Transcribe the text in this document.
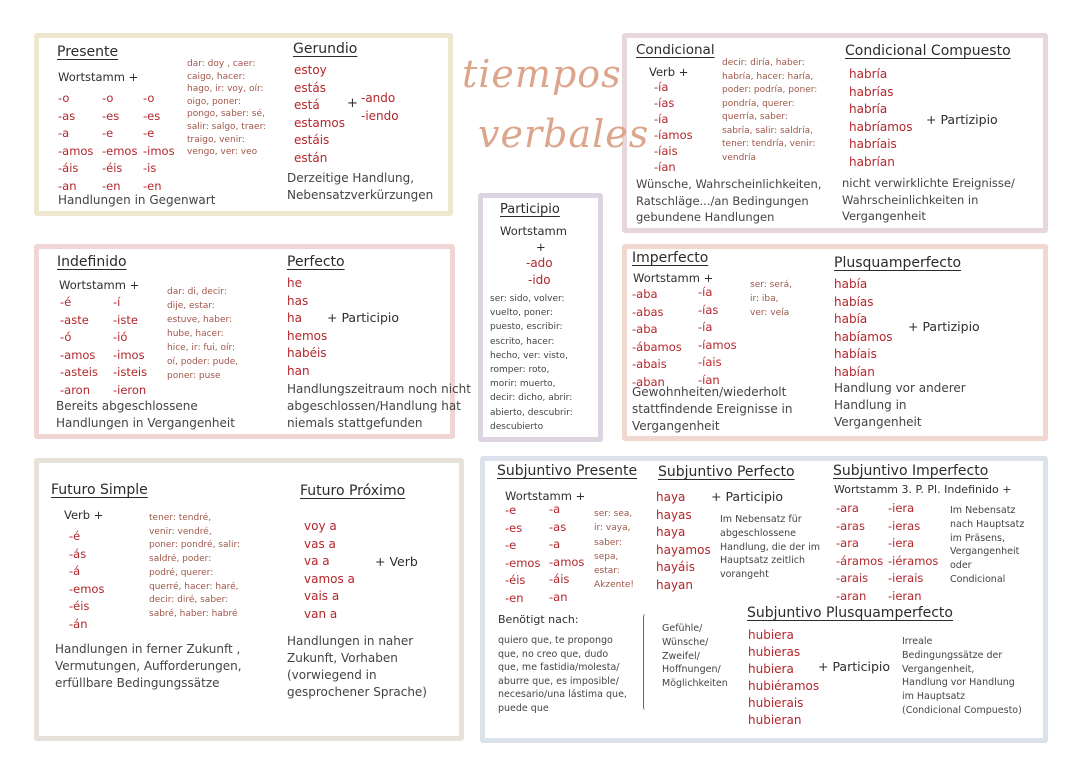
tiempos
verbales
Presente
Wortstamm +
-o
-as
-a
-amos
-áis
-an
-o
-es
-e
-emos
-éis
-en
-o
-es
-e
-imos
-is
-en
dar: doy , caer:
caigo, hacer:
hago, ir: voy, oír:
oigo, poner:
pongo, saber: sé,
salir: salgo, traer:
traigo, venir:
vengo, ver: veo
Handlungen in Gegenwart
Gerundio
estoy
estás
está
estamos
estáis
están
+ -ando
-iendo
Derzeitige Handlung,
Nebensatzverkürzungen
Condicional
Verb +
-ía
-ías
-ía
-íamos
-íais
-ían
decir: diría, haber:
habría, hacer: haría,
poder: podría, poner:
pondría, querer:
querría, saber:
sabría, salir: saldría,
tener: tendría, venir:
vendría
Wünsche, Wahrscheinlichkeiten,
Ratschläge.../an Bedingungen
gebundene Handlungen
Condicional Compuesto
habría
habrías
habría
habríamos
habríais
habrían
+ Partizipio
nicht verwirklichte Ereignisse/
Wahrscheinlichkeiten in
Vergangenheit
Participio
Wortstamm
+
-ado
-ido
ser: sido, volver:
vuelto, poner:
puesto, escribir:
escrito, hacer:
hecho, ver: visto,
romper: roto,
morir: muerto,
decir: dicho, abrir:
abierto, descubrir:
descubierto
Indefinido
Wortstamm +
-é
-aste
-ó
-amos
-asteis
-aron
-í
-iste
-ió
-imos
-isteis
-ieron
dar: di, decir:
dije, estar:
estuve, haber:
hube, hacer:
hice, ir: fui, oír:
oí, poder: pude,
poner: puse
Bereits abgeschlossene
Handlungen in Vergangenheit
Perfecto
he
has
ha
hemos
habéis
han
+ Participio
Handlungszeitraum noch nicht
abgeschlossen/Handlung hat
niemals stattgefunden
Imperfecto
Wortstamm +
-aba
-abas
-aba
-ábamos
-abais
-aban
-ía
-ías
-ía
-íamos
-íais
-ían
ser: será,
ir: iba,
ver: veía
Gewohnheiten/wiederholt
stattfindende Ereignisse in
Vergangenheit
Plusquamperfecto
había
habías
había
habíamos
habíais
habían
+ Partizipio
Handlung vor anderer
Handlung in
Vergangenheit
Futuro Simple
Verb +
-é
-ás
-á
-emos
-éis
-án
tener: tendré,
venir: vendré,
poner: pondré, salir:
saldré, poder:
podré, querer:
querré, hacer: haré,
decir: diré, saber:
sabré, haber: habré
Handlungen in ferner Zukunft ,
Vermutungen, Aufforderungen,
erfüllbare Bedingungssätze
Futuro Próximo
voy a
vas a
va a
vamos a
vais a
van a
+ Verb
Handlungen in naher
Zukunft, Vorhaben
(vorwiegend in
gesprochener Sprache)
Subjuntivo Presente
Wortstamm +
-e
-es
-e
-emos
-éis
-en
-a
-as
-a
-amos
-áis
-an
ser: sea,
ir: vaya,
saber:
sepa,
estar:
Akzente!
Subjuntivo Perfecto
haya
hayas
haya
hayamos
hayáis
hayan
+ Participio
Im Nebensatz für
abgeschlossene
Handlung, die der im
Hauptsatz zeitlich
vorangeht
Subjuntivo Imperfecto
Wortstamm 3. P. Pl. Indefinido +
-ara
-aras
-ara
-áramos
-arais
-aran
-iera
-ieras
-iera
-iéramos
-ierais
-ieran
Im Nebensatz
nach Hauptsatz
im Präsens,
Vergangenheit
oder
Condicional
Benötigt nach:
quiero que, te propongo
que, no creo que, dudo
que, me fastidia/molesta/
aburre que, es imposible/
necesario/una lástima que,
puede que
Gefühle/
Wünsche/
Zweifel/
Hoffnungen/
Möglichkeiten
Subjuntivo Plusquamperfecto
hubiera
hubieras
hubiera
hubiéramos
hubierais
hubieran
+ Participio
Irreale
Bedingungssätze der
Vergangenheit,
Handlung vor Handlung
im Hauptsatz
(Condicional Compuesto)
